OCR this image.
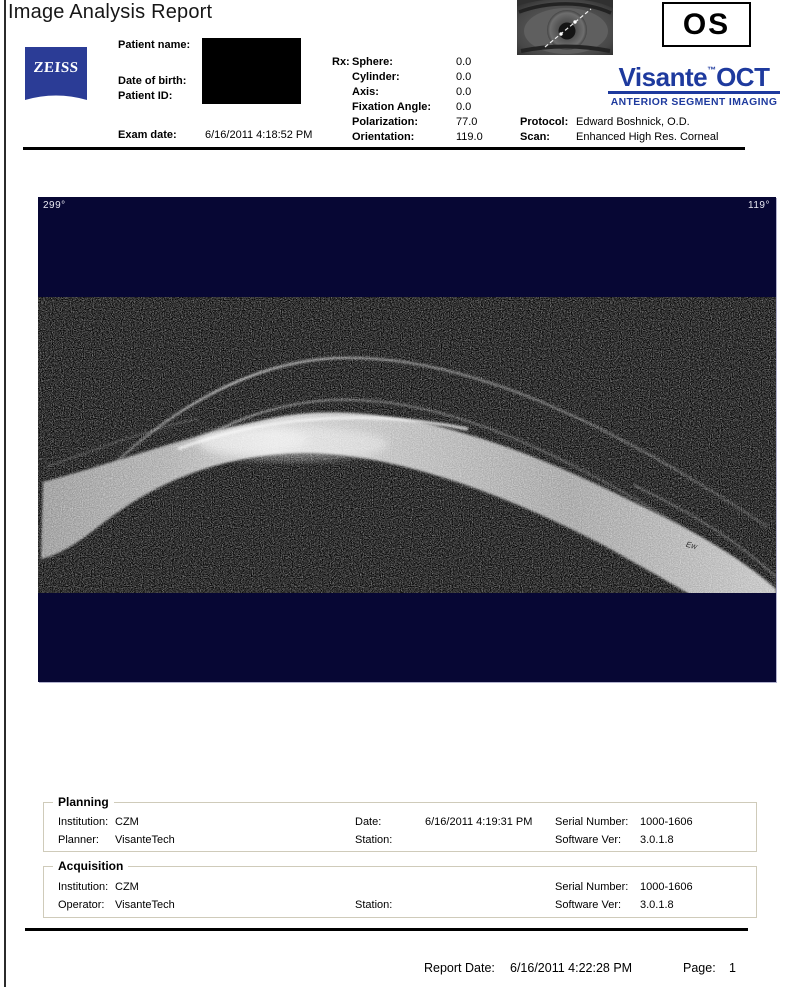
Image Analysis Report
ZEISS
Patient name:
Date of birth:
Patient ID:
Exam date:	6/16/2011 4:18:52 PM
Rx: Sphere:	0.0
Cylinder:	0.0
Axis:	0.0
Fixation Angle: 0.0
Polarization:	77.0
Orientation:	119.0
Protocol: Edward Boshnick, O.D.
Scan: Enhanced High Res. Corneal
OS
Visante™OCT
ANTERIOR SEGMENT IMAGING
299°	119°
Ew
Planning
Institution: CZM	Date:	6/16/2011 4:19:31 PM Serial Number: 1000-1606
Planner: VisanteTech	Station:	Software Ver: 3.0.1.8
Acquisition
Institution: CZM	Serial Number: 1000-1606
Operator: VisanteTech	Station:	Software Ver: 3.0.1.8
Report Date: 6/16/2011 4:22:28 PM	Page: 1
